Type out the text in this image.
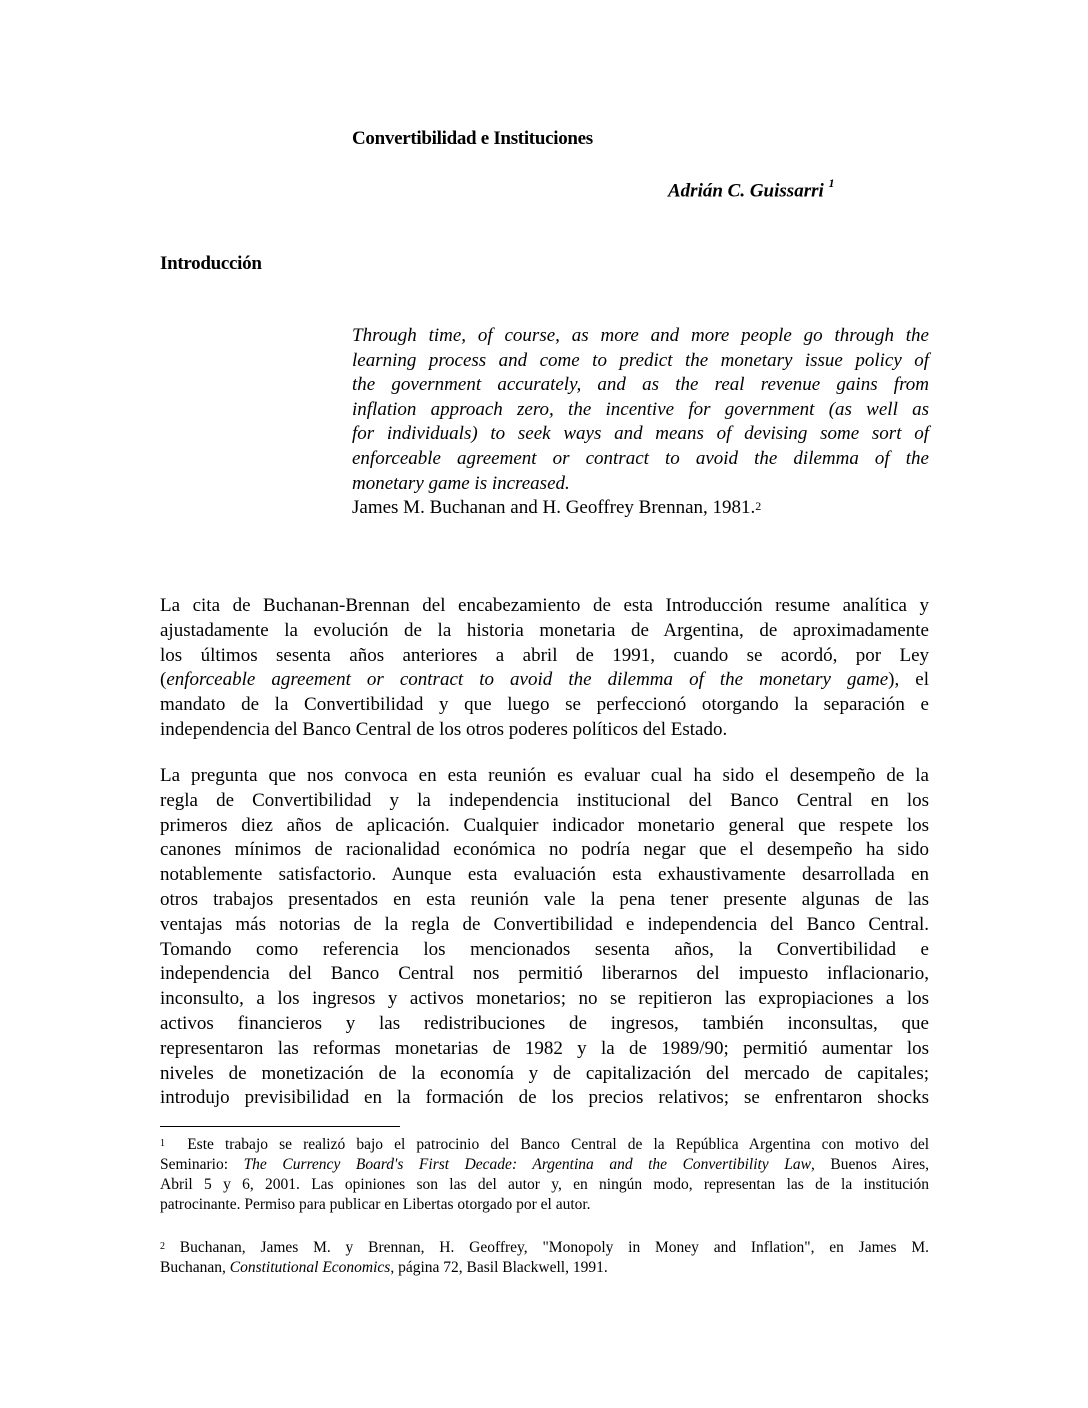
Convertibilidad e Instituciones
Adrián C. Guissarri $^1$
Introducción
Through time, of course, as more and more people go through the
learning process and come to predict the monetary issue policy of
the government accurately, and as the real revenue gains from
inflation approach zero, the incentive for government (as well as
for individuals) to seek ways and means of devising some sort of
enforceable agreement or contract to avoid the dilemma of the
monetary game is increased.
James M. Buchanan and H. Geoffrey Brennan, 1981.$^2$
La cita de Buchanan-Brennan del encabezamiento de esta Introducción resume analítica y
ajustadamente la evolución de la historia monetaria de Argentina, de aproximadamente
los últimos sesenta años anteriores a abril de 1991, cuando se acordó, por Ley
(enforceable agreement or contract to avoid the dilemma of the monetary game), el
mandato de la Convertibilidad y que luego se perfeccionó otorgando la separación e
independencia del Banco Central de los otros poderes políticos del Estado.
La pregunta que nos convoca en esta reunión es evaluar cual ha sido el desempeño de la
regla de Convertibilidad y la independencia institucional del Banco Central en los
primeros diez años de aplicación. Cualquier indicador monetario general que respete los
canones mínimos de racionalidad económica no podría negar que el desempeño ha sido
notablemente satisfactorio. Aunque esta evaluación esta exhaustivamente desarrollada en
otros trabajos presentados en esta reunión vale la pena tener presente algunas de las
ventajas más notorias de la regla de Convertibilidad e independencia del Banco Central.
Tomando como referencia los mencionados sesenta años, la Convertibilidad e
independencia del Banco Central nos permitió liberarnos del impuesto inflacionario,
inconsulto, a los ingresos y activos monetarios; no se repitieron las expropiaciones a los
activos financieros y las redistribuciones de ingresos, también inconsultas, que
representaron las reformas monetarias de 1982 y la de 1989/90; permitió aumentar los
niveles de monetización de la economía y de capitalización del mercado de capitales;
introdujo previsibilidad en la formación de los precios relativos; se enfrentaron shocks
$^1$ Este trabajo se realizó bajo el patrocinio del Banco Central de la República Argentina con motivo del
Seminario: The Currency Board's First Decade: Argentina and the Convertibility Law, Buenos Aires,
Abril 5 y 6, 2001. Las opiniones son las del autor y, en ningún modo, representan las de la institución
patrocinante. Permiso para publicar en Libertas otorgado por el autor.
$^2$ Buchanan, James M. y Brennan, H. Geoffrey, "Monopoly in Money and Inflation", en James M.
Buchanan, Constitutional Economics, página 72, Basil Blackwell, 1991.
